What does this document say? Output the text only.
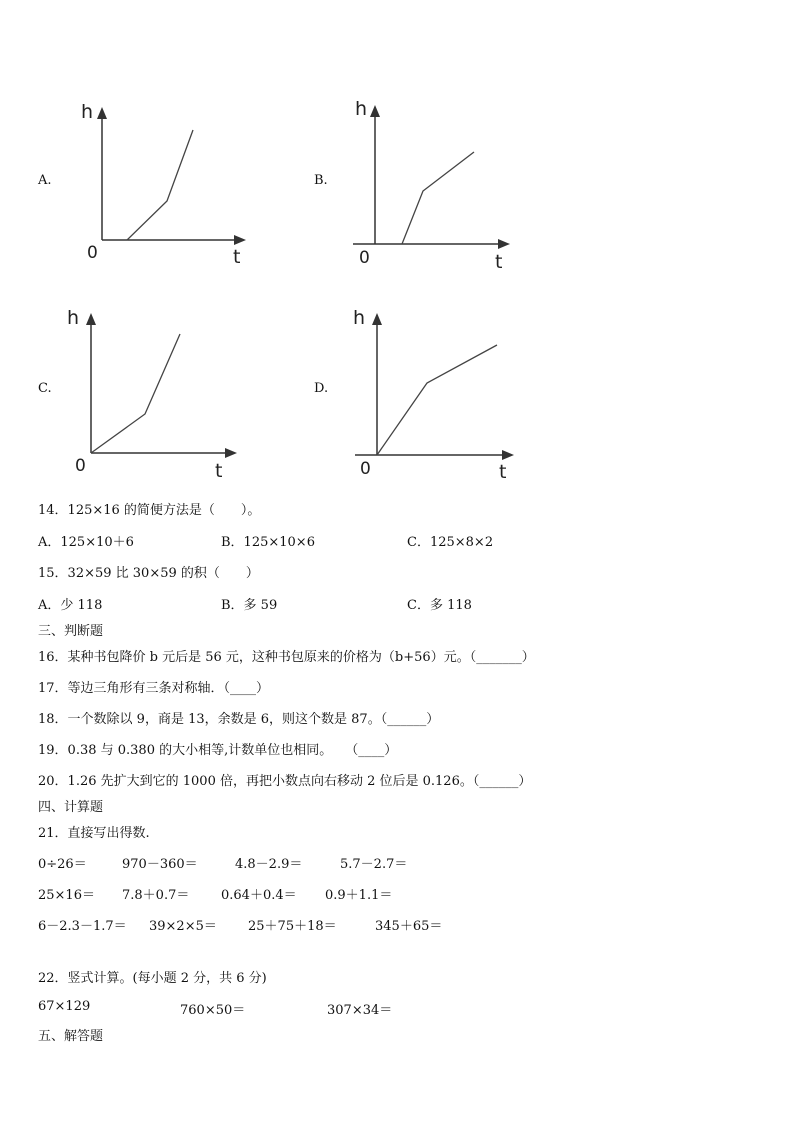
A.	B.
C.	D.
h
0	t
h
0	t
h
0	t
h
0	t
14．125×16 的简便方法是（　　）。
A．125×10＋6	B．125×10×6	C．125×8×2
15．32×59 比 30×59 的积（　　）
A．少 118	B．多 59	C．多 118
三、判断题
16．某种书包降价 b 元后是 56 元，这种书包原来的价格为（b+56）元。（_______）
17．等边三角形有三条对称轴．（____）
18．一个数除以 9，商是 13，余数是 6，则这个数是 87。（______）
19．0.38 与 0.380 的大小相等,计数单位也相同。　　（____）
20．1.26 先扩大到它的 1000 倍，再把小数点向右移动 2 位后是 0.126。（______）
四、计算题
21．直接写出得数.
0÷26＝	970－360＝	4.8－2.9＝	5.7－2.7＝
25×16＝ 7.8＋0.7＝ 0.64＋0.4＝ 0.9＋1.1＝
6－2.3－1.7＝ 39×2×5＝ 25＋75＋18＝	345＋65＝
22．竖式计算。(每小题 2 分，共 6 分)
67×129	760×50＝	307×34＝
五、解答题
